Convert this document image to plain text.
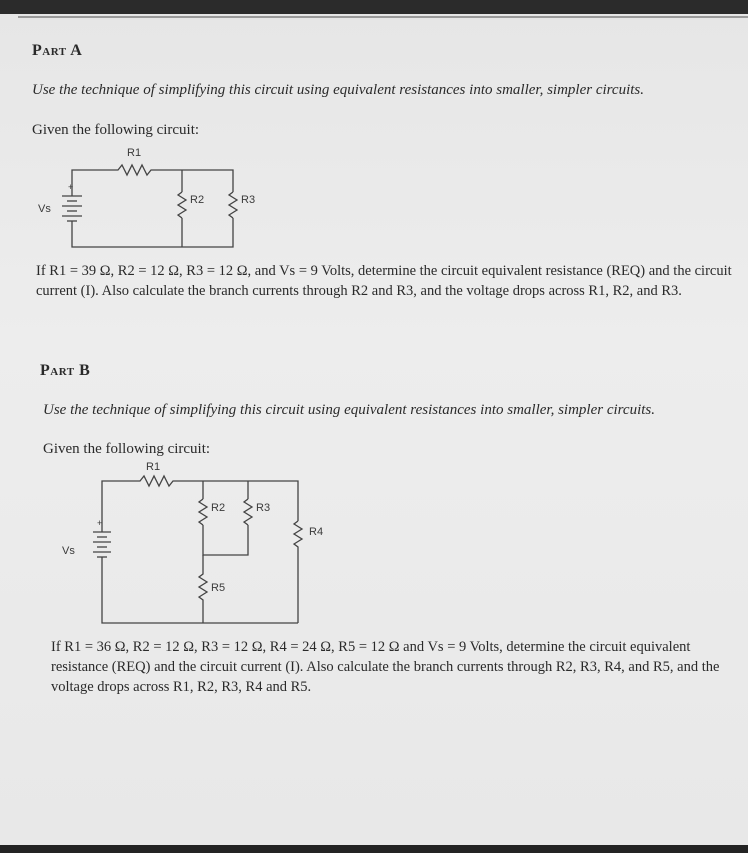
Part A
Use the technique of simplifying this circuit using equivalent resistances into smaller, simpler circuits.
Given the following circuit:
R1
R2	R3
+
Vs
If R1 = 39 Ω, R2 = 12 Ω, R3 = 12 Ω, and Vs = 9 Volts, determine the circuit equivalent resistance (REQ) and the circuit current (I). Also calculate the branch currents through R2 and R3, and the voltage drops across R1, R2, and R3.
Part B
Use the technique of simplifying this circuit using equivalent resistances into smaller, simpler circuits.
Given the following circuit:
R1
R2	R3
R5
R4
+
Vs
If R1 = 36 Ω, R2 = 12 Ω, R3 = 12 Ω, R4 = 24 Ω, R5 = 12 Ω and Vs = 9 Volts, determine the circuit equivalent resistance (REQ) and the circuit current (I). Also calculate the branch currents through R2, R3, R4, and R5, and the voltage drops across R1, R2, R3, R4 and R5.
